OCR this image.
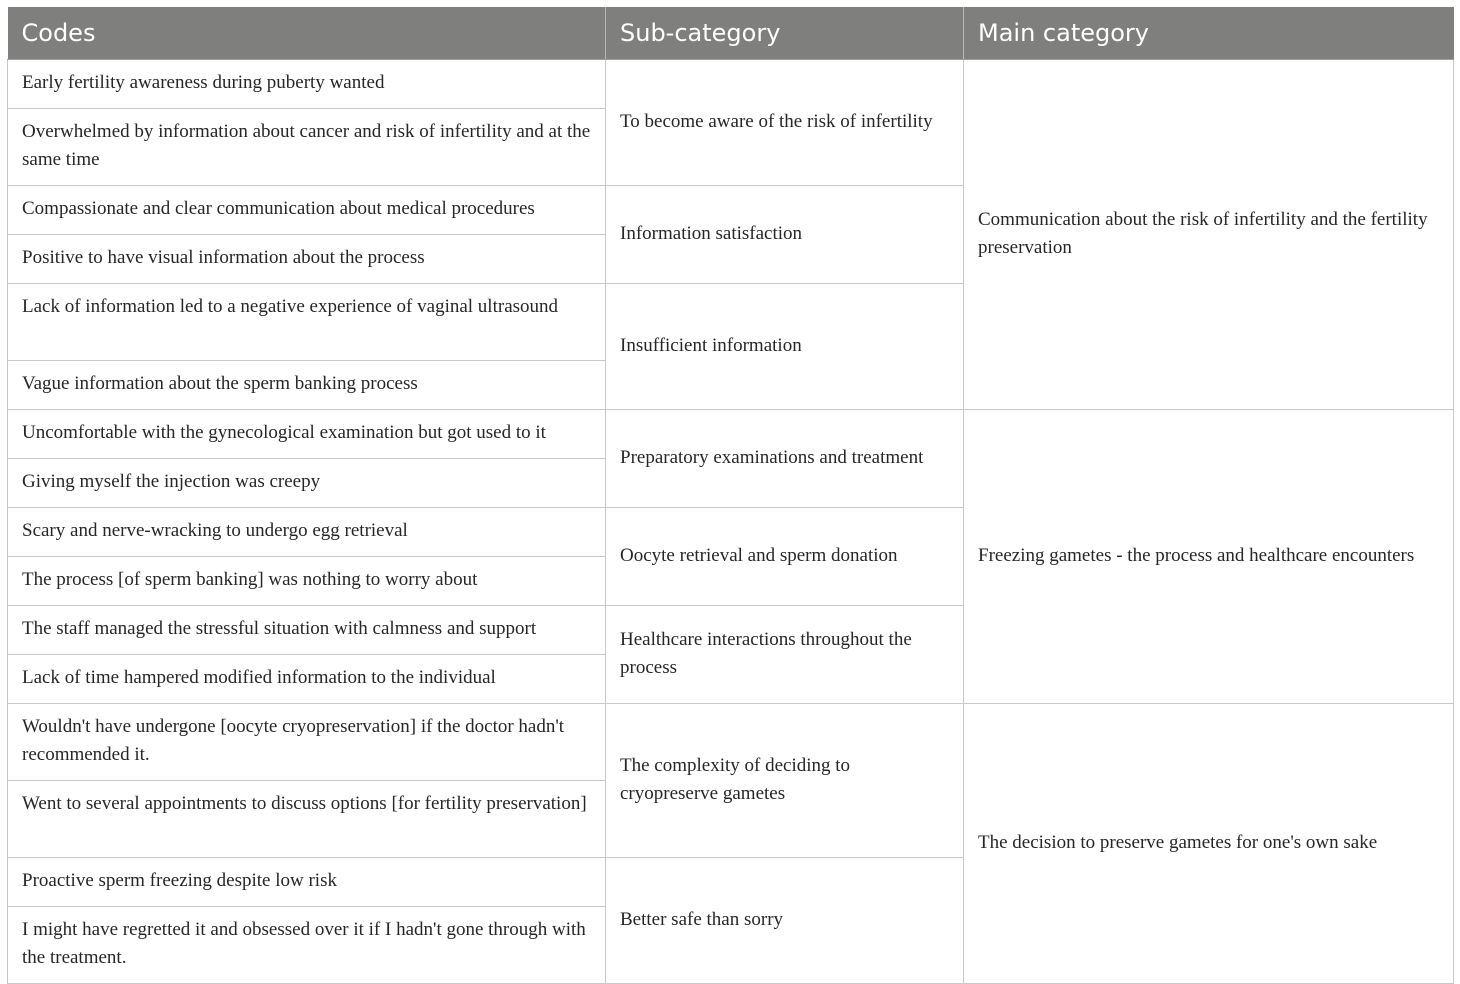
Codes	Sub-category	Main category
Early fertility awareness during puberty wanted	To become aware of the risk of infertility	Communication about the risk of infertility and the fertility preservation
Overwhelmed by information about cancer and risk of infertility and at the same time		
Compassionate and clear communication about medical procedures	Information satisfaction	
Positive to have visual information about the process		
Lack of information led to a negative experience of vaginal ultrasound	Insufficient information	
Vague information about the sperm banking process		
Uncomfortable with the gynecological examination but got used to it	Preparatory examinations and treatment	Freezing gametes - the process and healthcare encounters
Giving myself the injection was creepy		
Scary and nerve-wracking to undergo egg retrieval	Oocyte retrieval and sperm donation	
The process [of sperm banking] was nothing to worry about		
The staff managed the stressful situation with calmness and support	Healthcare interactions throughout the process	
Lack of time hampered modified information to the individual		
Wouldn't have undergone [oocyte cryopreservation] if the doctor hadn't recommended it.	The complexity of deciding to cryopreserve gametes	The decision to preserve gametes for one's own sake
Went to several appointments to discuss options [for fertility preservation]		
Proactive sperm freezing despite low risk	Better safe than sorry	
I might have regretted it and obsessed over it if I hadn't gone through with the treatment.		
